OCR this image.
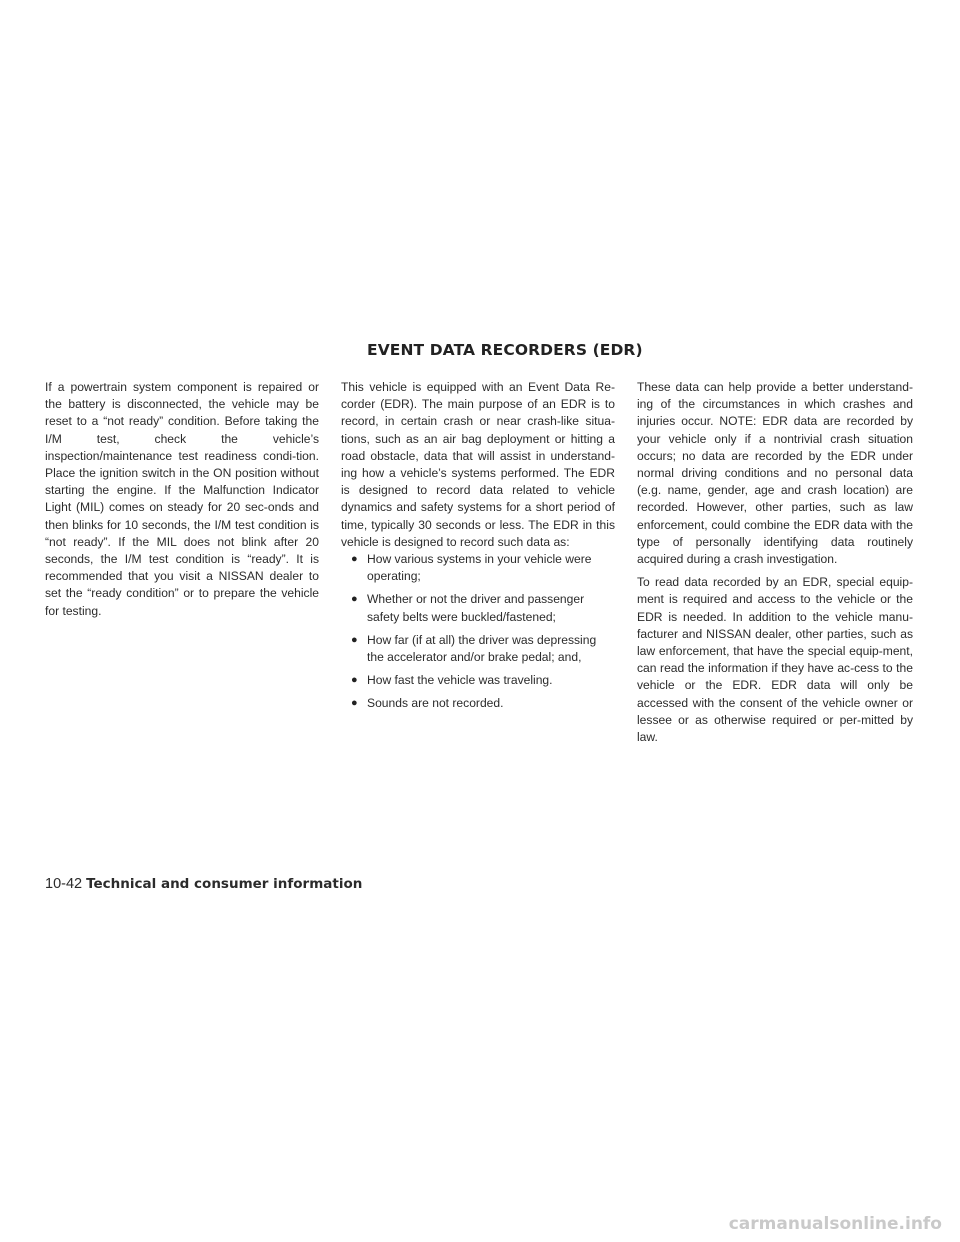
EVENT DATA RECORDERS (EDR)

If a powertrain system component is repaired or the battery is disconnected, the vehicle may be reset to a “not ready” condition. Before taking the I/M test, check the vehicle’s inspection/maintenance test readiness condi-tion. Place the ignition switch in the ON position without starting the engine. If the Malfunction Indicator Light (MIL) comes on steady for 20 sec-onds and then blinks for 10 seconds, the I/M test condition is “not ready”. If the MIL does not blink after 20 seconds, the I/M test condition is “ready”. It is recommended that you visit a NISSAN dealer to set the “ready condition” or to prepare the vehicle for testing.

This vehicle is equipped with an Event Data Re-corder (EDR). The main purpose of an EDR is to record, in certain crash or near crash-like situa-tions, such as an air bag deployment or hitting a road obstacle, data that will assist in understand-ing how a vehicle’s systems performed. The EDR is designed to record data related to vehicle dynamics and safety systems for a short period of time, typically 30 seconds or less. The EDR in this vehicle is designed to record such data as:

● How various systems in your vehicle were operating;
● Whether or not the driver and passenger safety belts were buckled/fastened;
● How far (if at all) the driver was depressing the accelerator and/or brake pedal; and,
● How fast the vehicle was traveling.
● Sounds are not recorded.

These data can help provide a better understand-ing of the circumstances in which crashes and injuries occur. NOTE: EDR data are recorded by your vehicle only if a nontrivial crash situation occurs; no data are recorded by the EDR under normal driving conditions and no personal data (e.g. name, gender, age and crash location) are recorded. However, other parties, such as law enforcement, could combine the EDR data with the type of personally identifying data routinely acquired during a crash investigation.

To read data recorded by an EDR, special equip-ment is required and access to the vehicle or the EDR is needed. In addition to the vehicle manu-facturer and NISSAN dealer, other parties, such as law enforcement, that have the special equip-ment, can read the information if they have ac-cess to the vehicle or the EDR. EDR data will only be accessed with the consent of the vehicle owner or lessee or as otherwise required or per-mitted by law.

10-42 Technical and consumer information
carmanualsonline.info
